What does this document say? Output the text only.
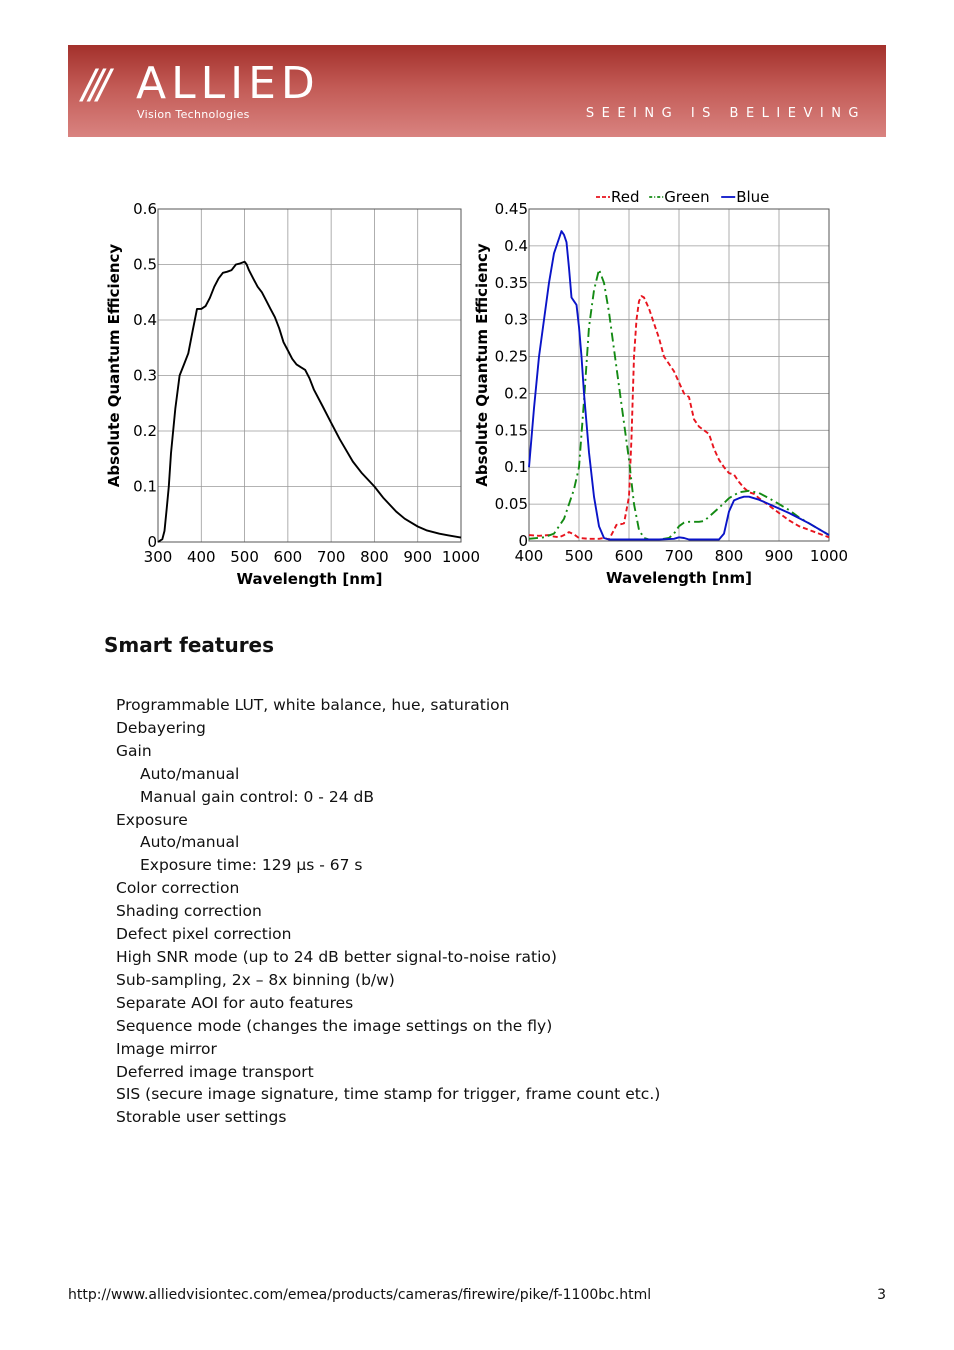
/// ALLIED
Vision Technologies	SEEING IS BELIEVING
300 400 500 600 700 800 900 1000
0
0.1
0.2
0.3
0.4
0.5
0.6
Wavelength [nm]
Absolute Quantum Efficiency
400 500 600 700 800 900 1000
0
0.05
0.1
0.15
0.2
0.25
0.3
0.35
0.4
0.45
Wavelength [nm]
Absolute Quantum Efficiency
Red Green Blue
Smart features
Programmable LUT, white balance, hue, saturation
Debayering
Gain
Auto/manual
Manual gain control: 0 - 24 dB
Exposure
Auto/manual
Exposure time: 129 µs - 67 s
Color correction
Shading correction
Defect pixel correction
High SNR mode (up to 24 dB better signal-to-noise ratio)
Sub-sampling, 2x – 8x binning (b/w)
Separate AOI for auto features
Sequence mode (changes the image settings on the fly)
Image mirror
Deferred image transport
SIS (secure image signature, time stamp for trigger, frame count etc.)
Storable user settings
http://www.alliedvisiontec.com/emea/products/cameras/firewire/pike/f-1100bc.html	3
